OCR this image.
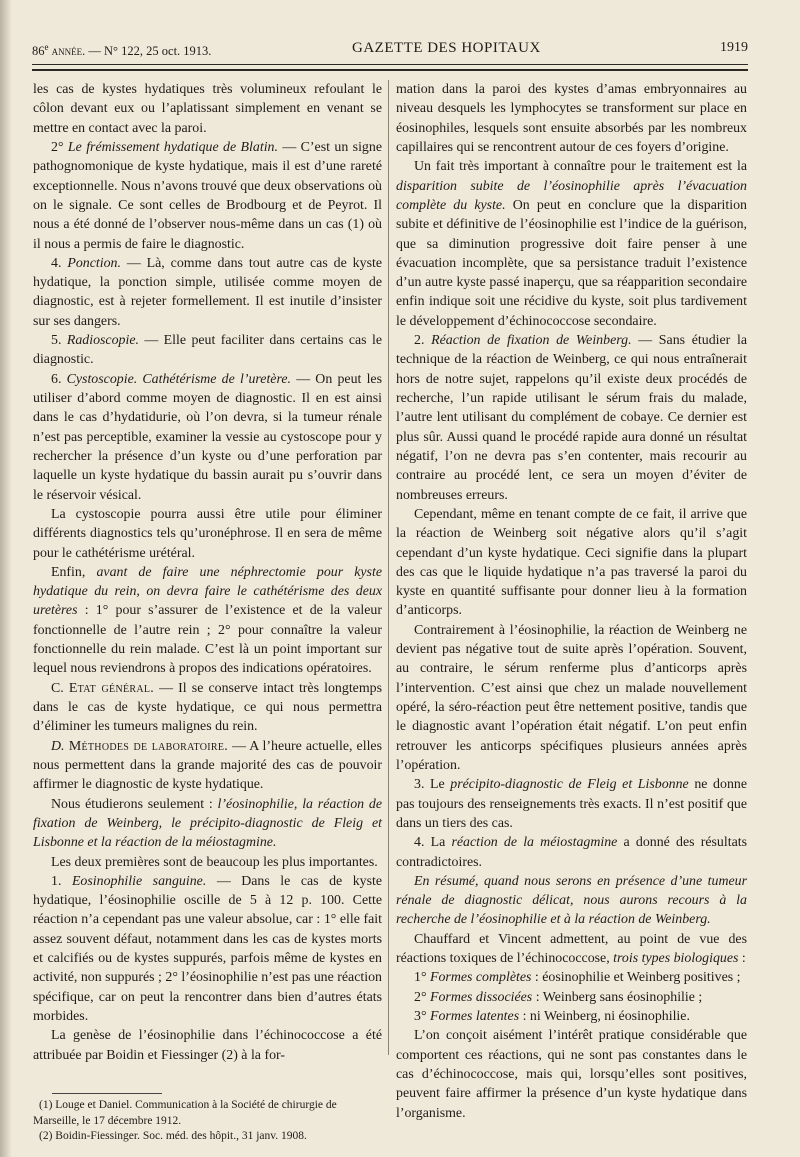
86e année. — N° 122, 25 oct. 1913.	GAZETTE DES HOPITAUX	1919

les cas de kystes hydatiques très volumineux refoulant le côlon devant eux ou l’aplatissant simplement en venant se mettre en contact avec la paroi.

2° Le frémissement hydatique de Blatin. — C’est un signe pathognomonique de kyste hydatique, mais il est d’une rareté exceptionnelle. Nous n’avons trouvé que deux observations où on le signale. Ce sont celles de Brodbourg et de Peyrot. Il nous a été donné de l’observer nous-même dans un cas (1) où il nous a permis de faire le diagnostic.

4. Ponction. — Là, comme dans tout autre cas de kyste hydatique, la ponction simple, utilisée comme moyen de diagnostic, est à rejeter formellement. Il est inutile d’insister sur ses dangers.

5. Radioscopie. — Elle peut faciliter dans certains cas le diagnostic.

6. Cystoscopie. Cathétérisme de l’uretère. — On peut les utiliser d’abord comme moyen de diagnostic. Il en est ainsi dans le cas d’hydatidurie, où l’on devra, si la tumeur rénale n’est pas perceptible, examiner la vessie au cystoscope pour y rechercher la présence d’un kyste ou d’une perforation par laquelle un kyste hydatique du bassin aurait pu s’ouvrir dans le réservoir vésical.

La cystoscopie pourra aussi être utile pour éliminer différents diagnostics tels qu’uronéphrose. Il en sera de même pour le cathétérisme urétéral.

Enfin, avant de faire une néphrectomie pour kyste hydatique du rein, on devra faire le cathétérisme des deux uretères : 1° pour s’assurer de l’existence et de la valeur fonctionnelle de l’autre rein ; 2° pour connaître la valeur fonctionnelle du rein malade. C’est là un point important sur lequel nous reviendrons à propos des indications opératoires.

C. Etat général. — Il se conserve intact très longtemps dans le cas de kyste hydatique, ce qui nous permettra d’éliminer les tumeurs malignes du rein.

D. Méthodes de laboratoire. — A l’heure actuelle, elles nous permettent dans la grande majorité des cas de pouvoir affirmer le diagnostic de kyste hydatique.

Nous étudierons seulement : l’éosinophilie, la réaction de fixation de Weinberg, le précipito-diagnostic de Fleig et Lisbonne et la réaction de la méiostagmine.

Les deux premières sont de beaucoup les plus importantes.

1. Eosinophilie sanguine. — Dans le cas de kyste hydatique, l’éosinophilie oscille de 5 à 12 p. 100. Cette réaction n’a cependant pas une valeur absolue, car : 1° elle fait assez souvent défaut, notamment dans les cas de kystes morts et calcifiés ou de kystes suppurés, parfois même de kystes en activité, non suppurés ; 2° l’éosinophilie n’est pas une réaction spécifique, car on peut la rencontrer dans bien d’autres états morbides.

La genèse de l’éosinophilie dans l’échinococcose a été attribuée par Boidin et Fiessinger (2) à la for-

mation dans la paroi des kystes d’amas embryonnaires au niveau desquels les lymphocytes se transforment sur place en éosinophiles, lesquels sont ensuite absorbés par les nombreux capillaires qui se rencontrent autour de ces foyers d’origine.

Un fait très important à connaître pour le traitement est la disparition subite de l’éosinophilie après l’évacuation complète du kyste. On peut en conclure que la disparition subite et définitive de l’éosinophilie est l’indice de la guérison, que sa diminution progressive doit faire penser à une évacuation incomplète, que sa persistance traduit l’existence d’un autre kyste passé inaperçu, que sa réapparition secondaire enfin indique soit une récidive du kyste, soit plus tardivement le développement d’échinococcose secondaire.

2. Réaction de fixation de Weinberg. — Sans étudier la technique de la réaction de Weinberg, ce qui nous entraînerait hors de notre sujet, rappelons qu’il existe deux procédés de recherche, l’un rapide utilisant le sérum frais du malade, l’autre lent utilisant du complément de cobaye. Ce dernier est plus sûr. Aussi quand le procédé rapide aura donné un résultat négatif, l’on ne devra pas s’en contenter, mais recourir au contraire au procédé lent, ce sera un moyen d’éviter de nombreuses erreurs.

Cependant, même en tenant compte de ce fait, il arrive que la réaction de Weinberg soit négative alors qu’il s’agit cependant d’un kyste hydatique. Ceci signifie dans la plupart des cas que le liquide hydatique n’a pas traversé la paroi du kyste en quantité suffisante pour donner lieu à la formation d’anticorps.

Contrairement à l’éosinophilie, la réaction de Weinberg ne devient pas négative tout de suite après l’opération. Souvent, au contraire, le sérum renferme plus d’anticorps après l’intervention. C’est ainsi que chez un malade nouvellement opéré, la séro-réaction peut être nettement positive, tandis que le diagnostic avant l’opération était négatif. L’on peut enfin retrouver les anticorps spécifiques plusieurs années après l’opération.

3. Le précipito-diagnostic de Fleig et Lisbonne ne donne pas toujours des renseignements très exacts. Il n’est positif que dans un tiers des cas.

4. La réaction de la méiostagmine a donné des résultats contradictoires.

En résumé, quand nous serons en présence d’une tumeur rénale de diagnostic délicat, nous aurons recours à la recherche de l’éosinophilie et à la réaction de Weinberg.

Chauffard et Vincent admettent, au point de vue des réactions toxiques de l’échinococcose, trois types biologiques :

1° Formes complètes : éosinophilie et Weinberg positives ;

2° Formes dissociées : Weinberg sans éosinophilie ;

3° Formes latentes : ni Weinberg, ni éosinophilie.

L’on conçoit aisément l’intérêt pratique considérable que comportent ces réactions, qui ne sont pas constantes dans le cas d’échinococcose, mais qui, lorsqu’elles sont positives, peuvent faire affirmer la présence d’un kyste hydatique dans l’organisme.

(1) Louge et Daniel. Communication à la Société de chirurgie de Marseille, le 17 décembre 1912.

(2) Boidin-Fiessinger. Soc. méd. des hôpit., 31 janv. 1908.
